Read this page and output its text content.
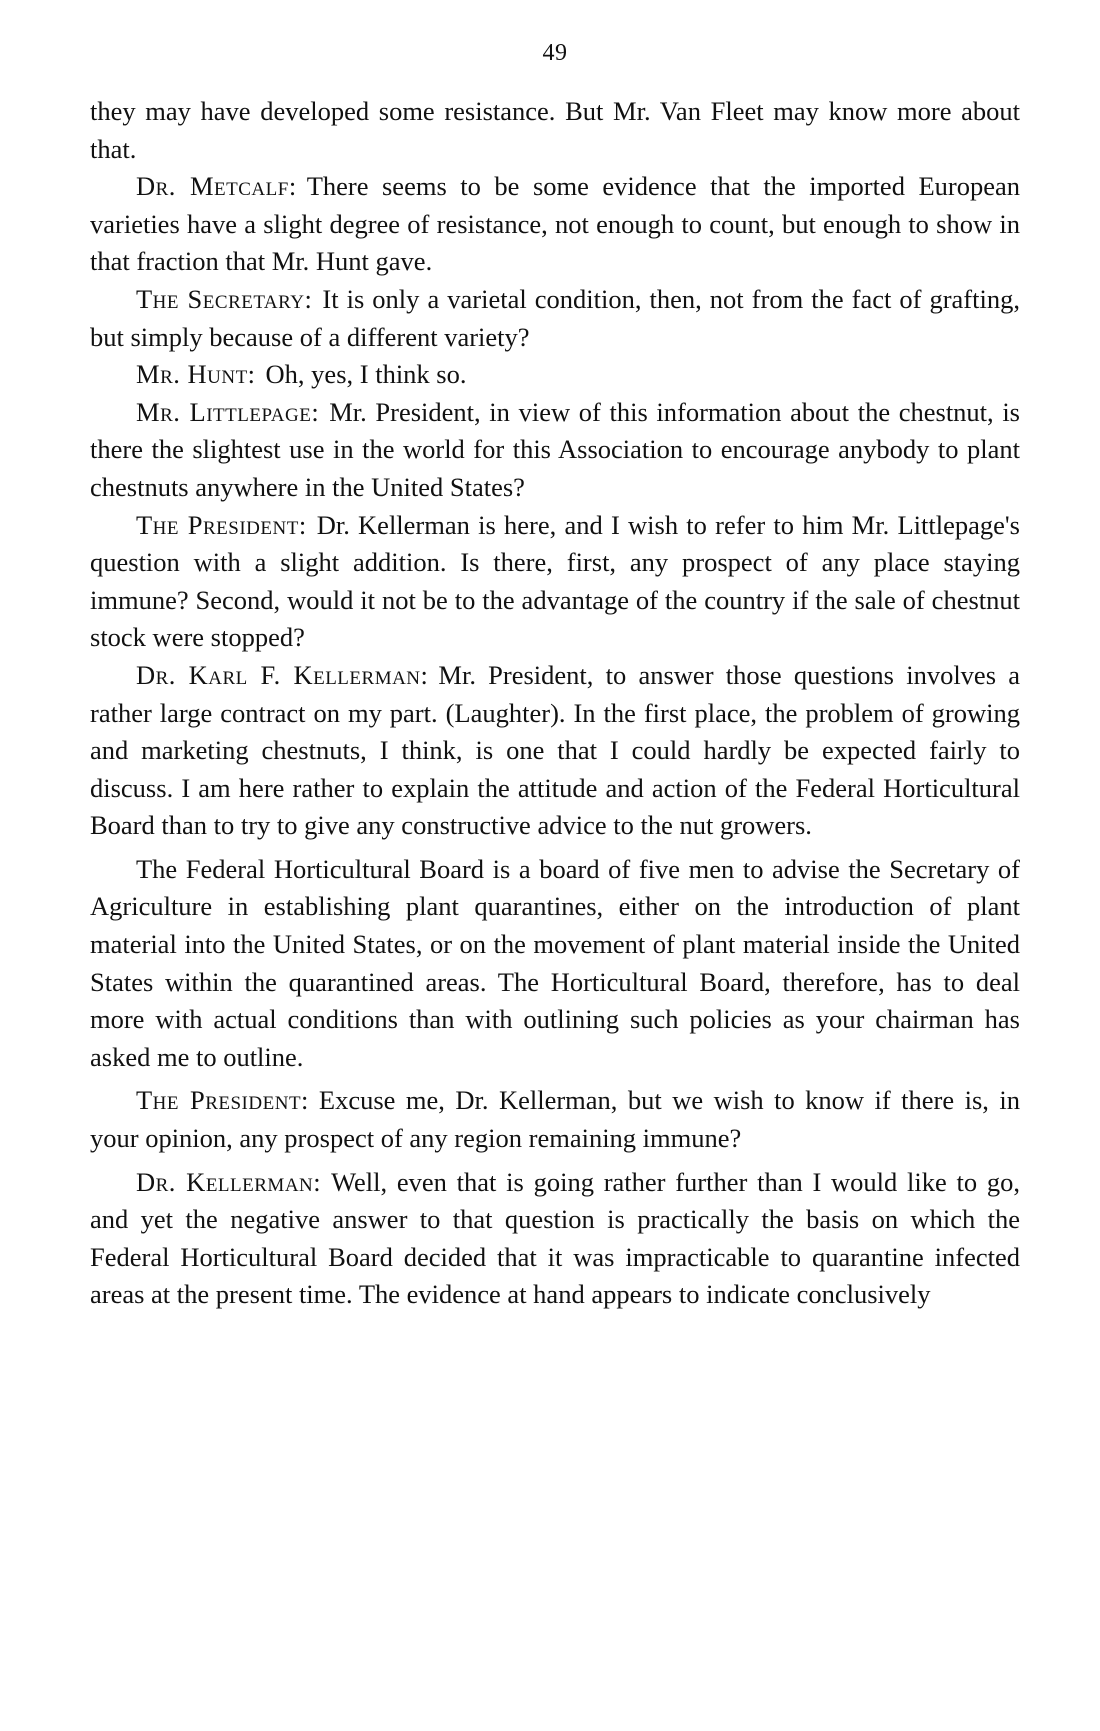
49

they may have developed some resistance. But Mr. Van Fleet may know more about that.

Dr. Metcalf : There seems to be some evidence that the imported European varieties have a slight degree of resistance, not enough to count, but enough to show in that fraction that Mr. Hunt gave.

The Secretary : It is only a varietal condition, then, not from the fact of grafting, but simply because of a different variety?

Mr. Hunt : Oh, yes, I think so.

Mr. Littlepage : Mr. President, in view of this information about the chestnut, is there the slightest use in the world for this Association to encourage anybody to plant chestnuts anywhere in the United States?

The President : Dr. Kellerman is here, and I wish to refer to him Mr. Littlepage's question with a slight addition. Is there, first, any prospect of any place staying immune? Second, would it not be to the advantage of the country if the sale of chestnut stock were stopped?

Dr. Karl F. Kellerman : Mr. President, to answer those questions involves a rather large contract on my part. (Laughter). In the first place, the problem of growing and marketing chestnuts, I think, is one that I could hardly be expected fairly to discuss. I am here rather to explain the attitude and action of the Federal Horticultural Board than to try to give any constructive advice to the nut growers.

The Federal Horticultural Board is a board of five men to advise the Secretary of Agriculture in establishing plant quarantines, either on the introduction of plant material into the United States, or on the movement of plant material inside the United States within the quarantined areas. The Horticultural Board, therefore, has to deal more with actual conditions than with outlining such policies as your chairman has asked me to outline.

The President : Excuse me, Dr. Kellerman, but we wish to know if there is, in your opinion, any prospect of any region remaining immune?

Dr. Kellerman : Well, even that is going rather further than I would like to go, and yet the negative answer to that question is practically the basis on which the Federal Horticultural Board decided that it was impracticable to quarantine infected areas at the present time. The evidence at hand appears to indicate conclusively
